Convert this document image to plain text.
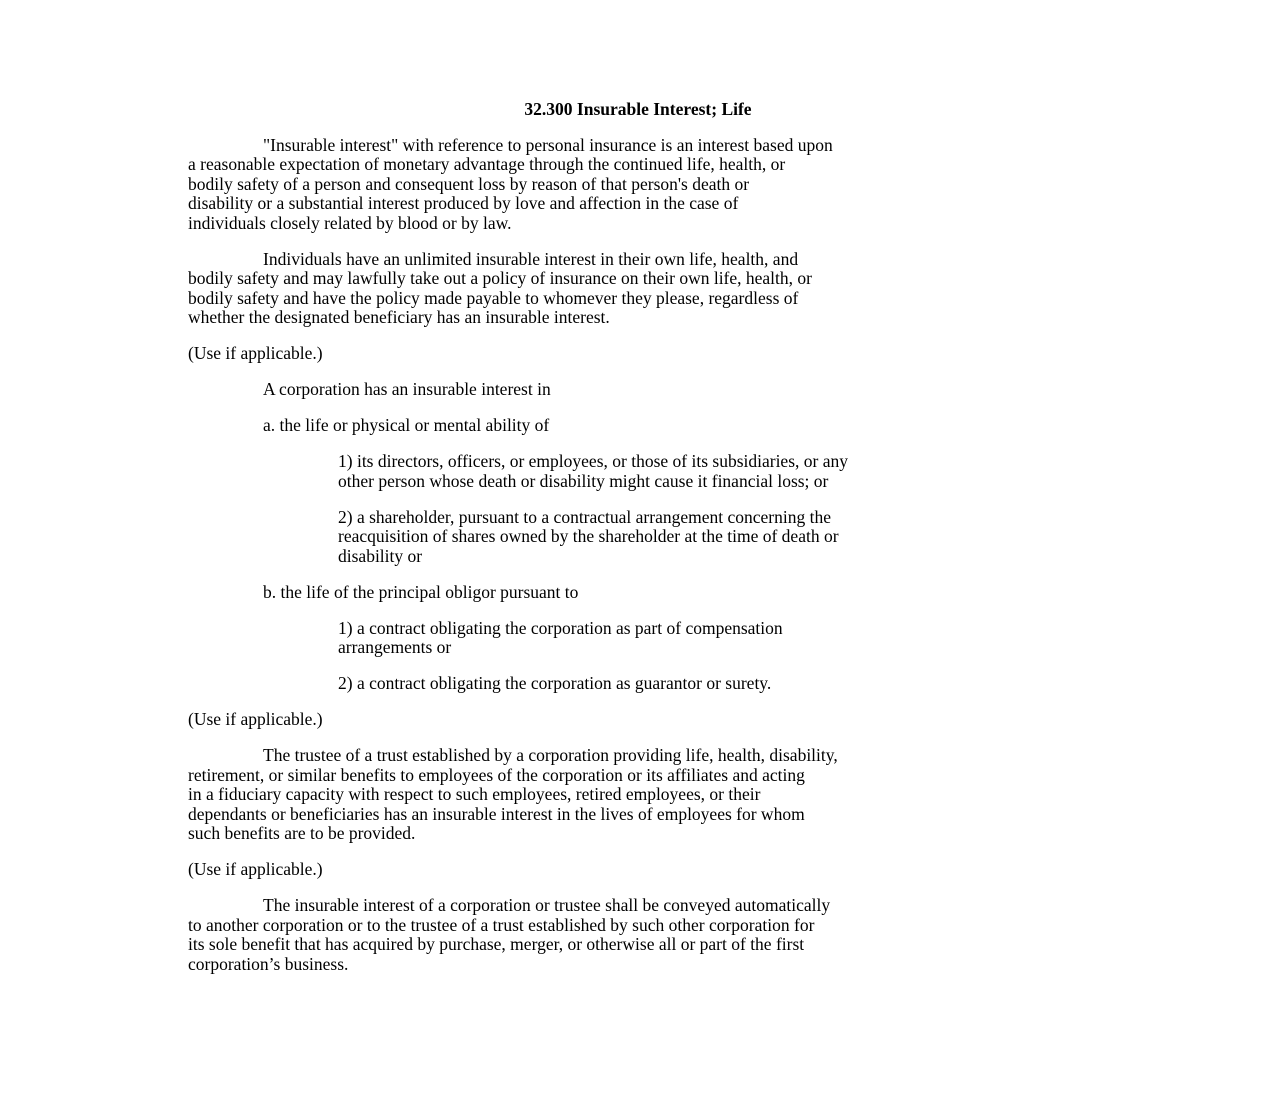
32.300 Insurable Interest; Life

"Insurable interest" with reference to personal insurance is an interest based upon
a reasonable expectation of monetary advantage through the continued life, health, or
bodily safety of a person and consequent loss by reason of that person's death or
disability or a substantial interest produced by love and affection in the case of
individuals closely related by blood or by law.

Individuals have an unlimited insurable interest in their own life, health, and
bodily safety and may lawfully take out a policy of insurance on their own life, health, or
bodily safety and have the policy made payable to whomever they please, regardless of
whether the designated beneficiary has an insurable interest.

(Use if applicable.)

A corporation has an insurable interest in

a. the life or physical or mental ability of

1) its directors, officers, or employees, or those of its subsidiaries, or any
other person whose death or disability might cause it financial loss; or

2) a shareholder, pursuant to a contractual arrangement concerning the
reacquisition of shares owned by the shareholder at the time of death or
disability or

b. the life of the principal obligor pursuant to

1) a contract obligating the corporation as part of compensation
arrangements or

2) a contract obligating the corporation as guarantor or surety.

(Use if applicable.)

The trustee of a trust established by a corporation providing life, health, disability,
retirement, or similar benefits to employees of the corporation or its affiliates and acting
in a fiduciary capacity with respect to such employees, retired employees, or their
dependants or beneficiaries has an insurable interest in the lives of employees for whom
such benefits are to be provided.

(Use if applicable.)

The insurable interest of a corporation or trustee shall be conveyed automatically
to another corporation or to the trustee of a trust established by such other corporation for
its sole benefit that has acquired by purchase, merger, or otherwise all or part of the first
corporation’s business.
